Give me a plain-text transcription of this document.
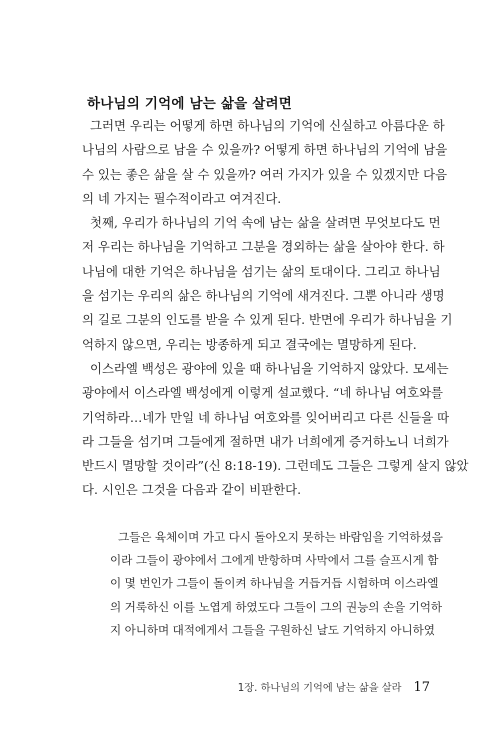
하나님의 기억에 남는 삶을 살려면
그러면 우리는 어떻게 하면 하나님의 기억에 신실하고 아름다운 하
나님의 사람으로 남을 수 있을까? 어떻게 하면 하나님의 기억에 남을
수 있는 좋은 삶을 살 수 있을까? 여러 가지가 있을 수 있겠지만 다음
의 네 가지는 필수적이라고 여겨진다.
첫째, 우리가 하나님의 기억 속에 남는 삶을 살려면 무엇보다도 먼
저 우리는 하나님을 기억하고 그분을 경외하는 삶을 살아야 한다. 하
나님에 대한 기억은 하나님을 섬기는 삶의 토대이다. 그리고 하나님
을 섬기는 우리의 삶은 하나님의 기억에 새겨진다. 그뿐 아니라 생명
의 길로 그분의 인도를 받을 수 있게 된다. 반면에 우리가 하나님을 기
억하지 않으면, 우리는 방종하게 되고 결국에는 멸망하게 된다.
이스라엘 백성은 광야에 있을 때 하나님을 기억하지 않았다. 모세는
광야에서 이스라엘 백성에게 이렇게 설교했다. “네 하나님 여호와를
기억하라…네가 만일 네 하나님 여호와를 잊어버리고 다른 신들을 따
라 그들을 섬기며 그들에게 절하면 내가 너희에게 증거하노니 너희가
반드시 멸망할 것이라”(신 8:18-19). 그런데도 그들은 그렇게 살지 않았
다. 시인은 그것을 다음과 같이 비판한다.
그들은 육체이며 가고 다시 돌아오지 못하는 바람임을 기억하셨음
이라 그들이 광야에서 그에게 반항하며 사막에서 그를 슬프시게 함
이 몇 번인가 그들이 돌이켜 하나님을 거듭거듭 시험하며 이스라엘
의 거룩하신 이를 노엽게 하였도다 그들이 그의 권능의 손을 기억하
지 아니하며 대적에게서 그들을 구원하신 날도 기억하지 아니하였
1장. 하나님의 기억에 남는 삶을 살라 17
